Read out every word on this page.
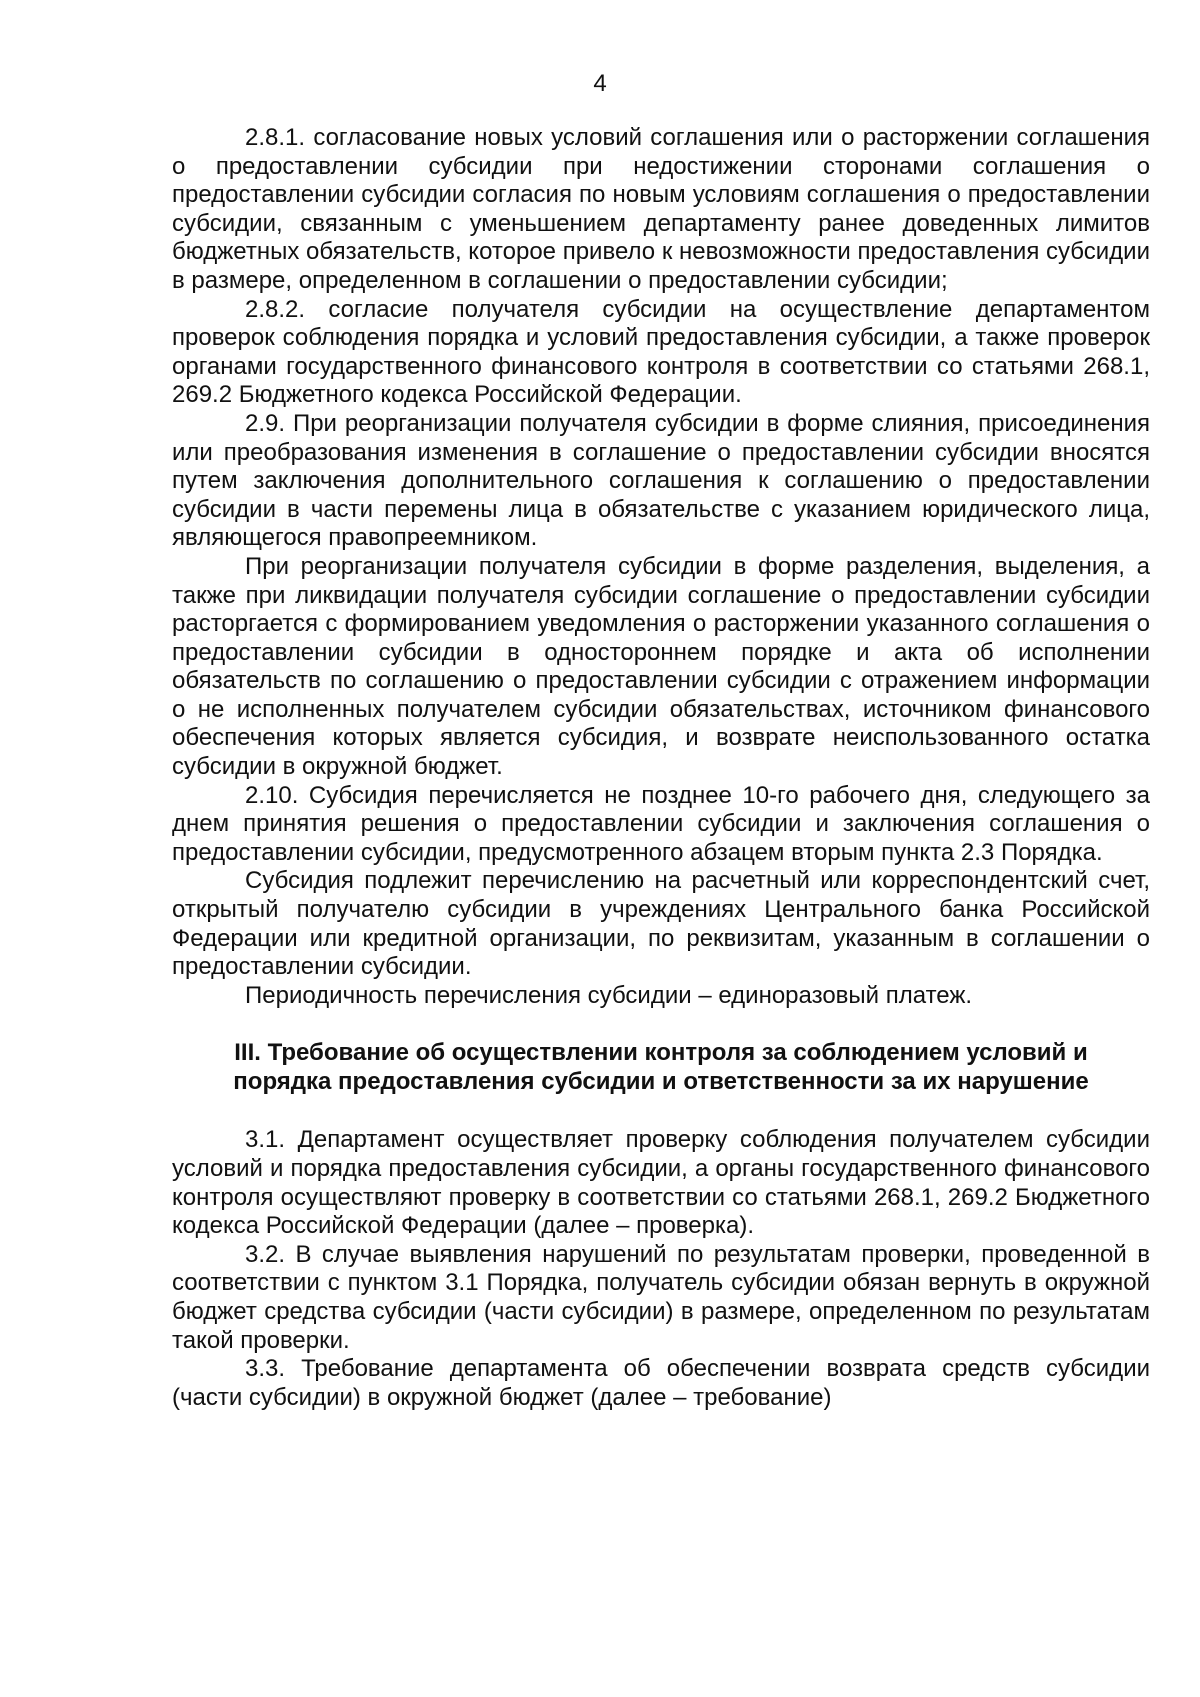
4

2.8.1. согласование новых условий соглашения или о расторжении соглашения о предоставлении субсидии при недостижении сторонами соглашения о предоставлении субсидии согласия по новым условиям соглашения о предоставлении субсидии, связанным с уменьшением департаменту ранее доведенных лимитов бюджетных обязательств, которое привело к невозможности предоставления субсидии в размере, определенном в соглашении о предоставлении субсидии;

2.8.2. согласие получателя субсидии на осуществление департаментом проверок соблюдения порядка и условий предоставления субсидии, а также проверок органами государственного финансового контроля в соответствии со статьями 268.1, 269.2 Бюджетного кодекса Российской Федерации.

2.9. При реорганизации получателя субсидии в форме слияния, присоединения или преобразования изменения в соглашение о предоставлении субсидии вносятся путем заключения дополнительного соглашения к соглашению о предоставлении субсидии в части перемены лица в обязательстве с указанием юридического лица, являющегося правопреемником.

При реорганизации получателя субсидии в форме разделения, выделения, а также при ликвидации получателя субсидии соглашение о предоставлении субсидии расторгается с формированием уведомления о расторжении указанного соглашения о предоставлении субсидии в одностороннем порядке и акта об исполнении обязательств по соглашению о предоставлении субсидии с отражением информации о не исполненных получателем субсидии обязательствах, источником финансового обеспечения которых является субсидия, и возврате неиспользованного остатка субсидии в окружной бюджет.

2.10. Субсидия перечисляется не позднее 10-го рабочего дня, следующего за днем принятия решения о предоставлении субсидии и заключения соглашения о предоставлении субсидии, предусмотренного абзацем вторым пункта 2.3 Порядка.

Субсидия подлежит перечислению на расчетный или корреспондентский счет, открытый получателю субсидии в учреждениях Центрального банка Российской Федерации или кредитной организации, по реквизитам, указанным в соглашении о предоставлении субсидии.

Периодичность перечисления субсидии – единоразовый платеж.

III. Требование об осуществлении контроля за соблюдением условий и
порядка предоставления субсидии и ответственности за их нарушение

3.1. Департамент осуществляет проверку соблюдения получателем субсидии условий и порядка предоставления субсидии, а органы государственного финансового контроля осуществляют проверку в соответствии со статьями 268.1, 269.2 Бюджетного кодекса Российской Федерации (далее – проверка).

3.2. В случае выявления нарушений по результатам проверки, проведенной в соответствии с пунктом 3.1 Порядка, получатель субсидии обязан вернуть в окружной бюджет средства субсидии (части субсидии) в размере, определенном по результатам такой проверки.

3.3. Требование департамента об обеспечении возврата средств субсидии (части субсидии) в окружной бюджет (далее – требование)
